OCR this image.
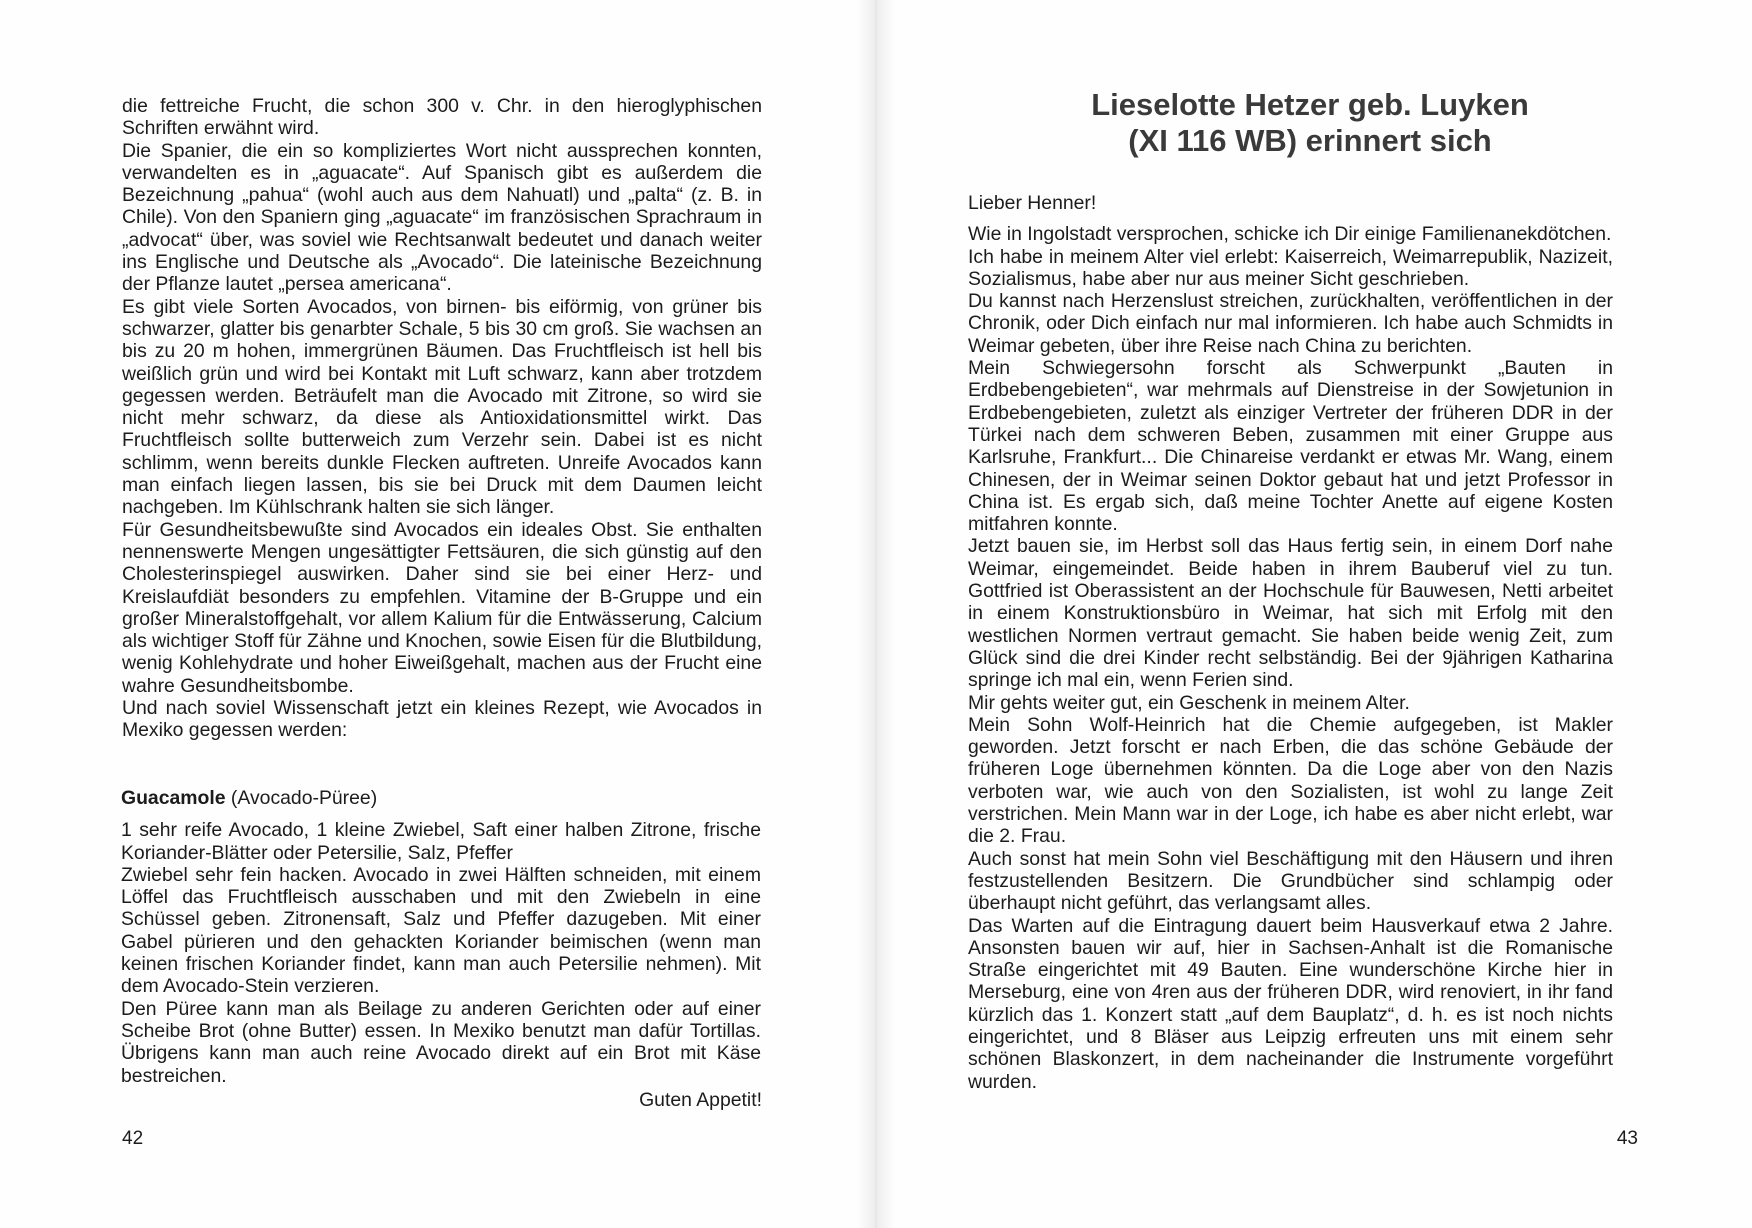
die fettreiche Frucht, die schon 300 v. Chr. in den hieroglyphischen Schriften erwähnt wird.

Die Spanier, die ein so kompliziertes Wort nicht aussprechen konnten, verwandelten es in „aguacate“. Auf Spanisch gibt es außerdem die Bezeichnung „pahua“ (wohl auch aus dem Nahuatl) und „palta“ (z. B. in Chile). Von den Spaniern ging „aguacate“ im französischen Sprachraum in „advocat“ über, was soviel wie Rechtsanwalt bedeutet und danach weiter ins Englische und Deutsche als „Avocado“. Die lateinische Bezeichnung der Pflanze lautet „persea americana“.

Es gibt viele Sorten Avocados, von birnen- bis eiförmig, von grüner bis schwarzer, glatter bis genarbter Schale, 5 bis 30 cm groß. Sie wachsen an bis zu 20 m hohen, immergrünen Bäumen. Das Fruchtfleisch ist hell bis weißlich grün und wird bei Kontakt mit Luft schwarz, kann aber trotzdem gegessen werden. Beträufelt man die Avocado mit Zitrone, so wird sie nicht mehr schwarz, da diese als Antioxidationsmittel wirkt. Das Fruchtfleisch sollte butterweich zum Verzehr sein. Dabei ist es nicht schlimm, wenn bereits dunkle Flecken auftreten. Unreife Avocados kann man einfach liegen lassen, bis sie bei Druck mit dem Daumen leicht nachgeben. Im Kühlschrank halten sie sich länger.

Für Gesundheitsbewußte sind Avocados ein ideales Obst. Sie enthalten nennenswerte Mengen ungesättigter Fettsäuren, die sich günstig auf den Cholesterinspiegel auswirken. Daher sind sie bei einer Herz- und Kreislaufdiät besonders zu empfehlen. Vitamine der B-Gruppe und ein großer Mineralstoffgehalt, vor allem Kalium für die Entwässerung, Calcium als wichtiger Stoff für Zähne und Knochen, sowie Eisen für die Blutbildung, wenig Kohlehydrate und hoher Eiweißgehalt, machen aus der Frucht eine wahre Gesundheitsbombe.

Und nach soviel Wissenschaft jetzt ein kleines Rezept, wie Avocados in Mexiko gegessen werden:

Guacamole (Avocado-Püree)

1 sehr reife Avocado, 1 kleine Zwiebel, Saft einer halben Zitrone, frische Koriander-Blätter oder Petersilie, Salz, Pfeffer

Zwiebel sehr fein hacken. Avocado in zwei Hälften schneiden, mit einem Löffel das Fruchtfleisch ausschaben und mit den Zwiebeln in eine Schüssel geben. Zitronensaft, Salz und Pfeffer dazugeben. Mit einer Gabel pürieren und den gehackten Koriander beimischen (wenn man keinen frischen Koriander findet, kann man auch Petersilie nehmen). Mit dem Avocado-Stein verzieren.

Den Püree kann man als Beilage zu anderen Gerichten oder auf einer Scheibe Brot (ohne Butter) essen. In Mexiko benutzt man dafür Tortillas. Übrigens kann man auch reine Avocado direkt auf ein Brot mit Käse bestreichen.

Guten Appetit!
42
Lieselotte Hetzer geb. Luyken
(XI 116 WB) erinnert sich

Lieber Henner!

Wie in Ingolstadt versprochen, schicke ich Dir einige Familienanekdötchen.

Ich habe in meinem Alter viel erlebt: Kaiserreich, Weimarrepublik, Nazizeit, Sozialismus, habe aber nur aus meiner Sicht geschrieben.

Du kannst nach Herzenslust streichen, zurückhalten, veröffentlichen in der Chronik, oder Dich einfach nur mal informieren. Ich habe auch Schmidts in Weimar gebeten, über ihre Reise nach China zu berichten.

Mein Schwiegersohn forscht als Schwerpunkt „Bauten in Erdbebengebieten“, war mehrmals auf Dienstreise in der Sowjetunion in Erdbebengebieten, zuletzt als einziger Vertreter der früheren DDR in der Türkei nach dem schweren Beben, zusammen mit einer Gruppe aus Karlsruhe, Frankfurt... Die Chinareise verdankt er etwas Mr. Wang, einem Chinesen, der in Weimar seinen Doktor gebaut hat und jetzt Professor in China ist. Es ergab sich, daß meine Tochter Anette auf eigene Kosten mitfahren konnte.

Jetzt bauen sie, im Herbst soll das Haus fertig sein, in einem Dorf nahe Weimar, eingemeindet. Beide haben in ihrem Bauberuf viel zu tun. Gottfried ist Oberassistent an der Hochschule für Bauwesen, Netti arbeitet in einem Konstruktionsbüro in Weimar, hat sich mit Erfolg mit den westlichen Normen vertraut gemacht. Sie haben beide wenig Zeit, zum Glück sind die drei Kinder recht selbständig. Bei der 9jährigen Katharina springe ich mal ein, wenn Ferien sind.

Mir gehts weiter gut, ein Geschenk in meinem Alter.

Mein Sohn Wolf-Heinrich hat die Chemie aufgegeben, ist Makler geworden. Jetzt forscht er nach Erben, die das schöne Gebäude der früheren Loge übernehmen könnten. Da die Loge aber von den Nazis verboten war, wie auch von den Sozialisten, ist wohl zu lange Zeit verstrichen. Mein Mann war in der Loge, ich habe es aber nicht erlebt, war die 2. Frau.

Auch sonst hat mein Sohn viel Beschäftigung mit den Häusern und ihren festzustellenden Besitzern. Die Grundbücher sind schlampig oder überhaupt nicht geführt, das verlangsamt alles.

Das Warten auf die Eintragung dauert beim Hausverkauf etwa 2 Jahre. Ansonsten bauen wir auf, hier in Sachsen-Anhalt ist die Romanische Straße eingerichtet mit 49 Bauten. Eine wunderschöne Kirche hier in Merseburg, eine von 4ren aus der früheren DDR, wird renoviert, in ihr fand kürzlich das 1. Konzert statt „auf dem Bauplatz“, d. h. es ist noch nichts eingerichtet, und 8 Bläser aus Leipzig erfreuten uns mit einem sehr schönen Blaskonzert, in dem nacheinander die Instrumente vorgeführt wurden.

43
